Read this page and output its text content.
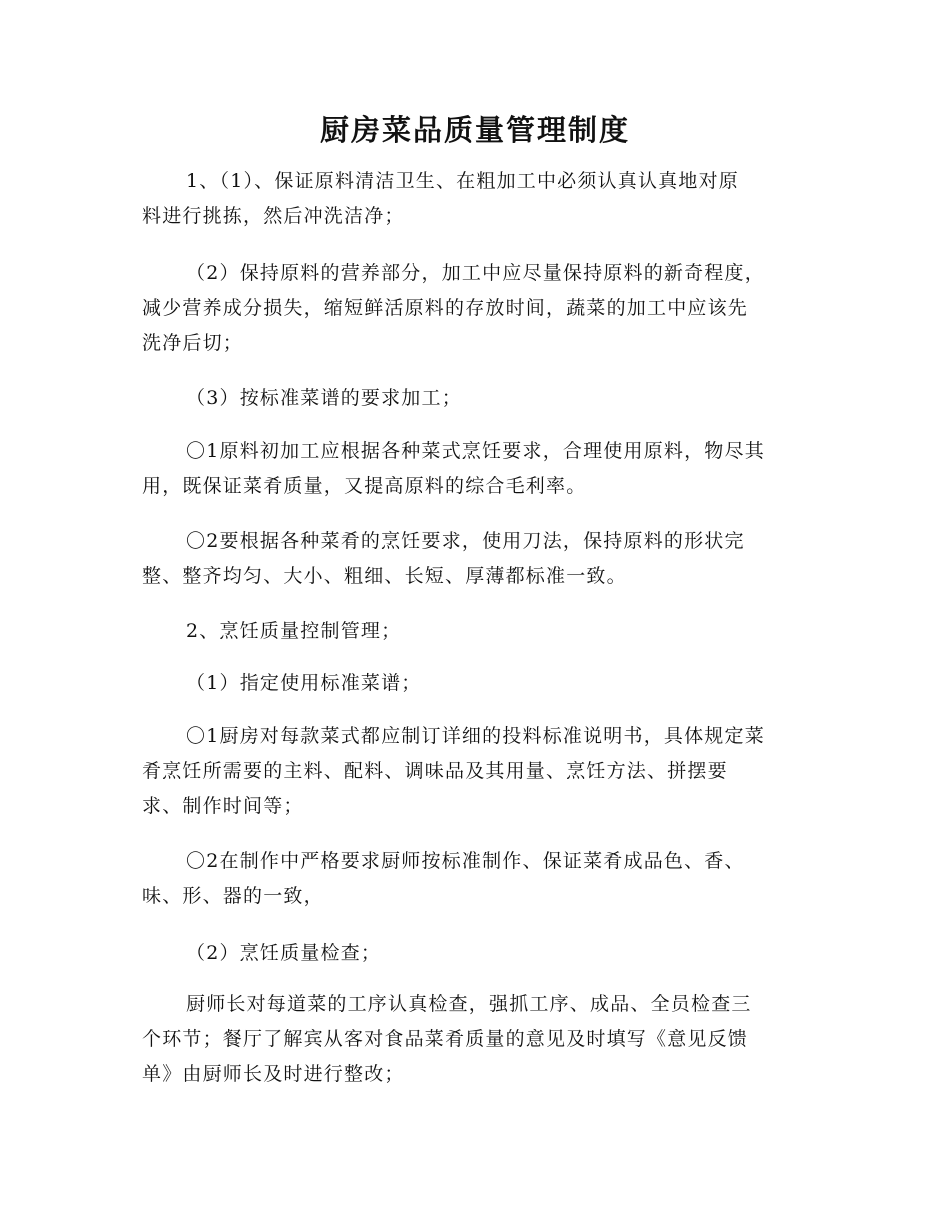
厨房菜品质量管理制度

1、（1）、保证原料清洁卫生、在粗加工中必须认真认真地对原
料进行挑拣，然后冲洗洁净；

（2）保持原料的营养部分，加工中应尽量保持原料的新奇程度，
减少营养成分损失，缩短鲜活原料的存放时间，蔬菜的加工中应该先
洗净后切；

（3）按标准菜谱的要求加工；

〇1原料初加工应根据各种菜式烹饪要求，合理使用原料，物尽其
用，既保证菜肴质量，又提高原料的综合毛利率。

〇2要根据各种菜肴的烹饪要求，使用刀法，保持原料的形状完
整、整齐均匀、大小、粗细、长短、厚薄都标准一致。

2、烹饪质量控制管理；

（1）指定使用标准菜谱；

〇1厨房对每款菜式都应制订详细的投料标准说明书，具体规定菜
肴烹饪所需要的主料、配料、调味品及其用量、烹饪方法、拼摆要
求、制作时间等；

〇2在制作中严格要求厨师按标准制作、保证菜肴成品色、香、
味、形、器的一致，

（2）烹饪质量检查；

厨师长对每道菜的工序认真检查，强抓工序、成品、全员检查三
个环节；餐厅了解宾从客对食品菜肴质量的意见及时填写《意见反馈
单》由厨师长及时进行整改；
